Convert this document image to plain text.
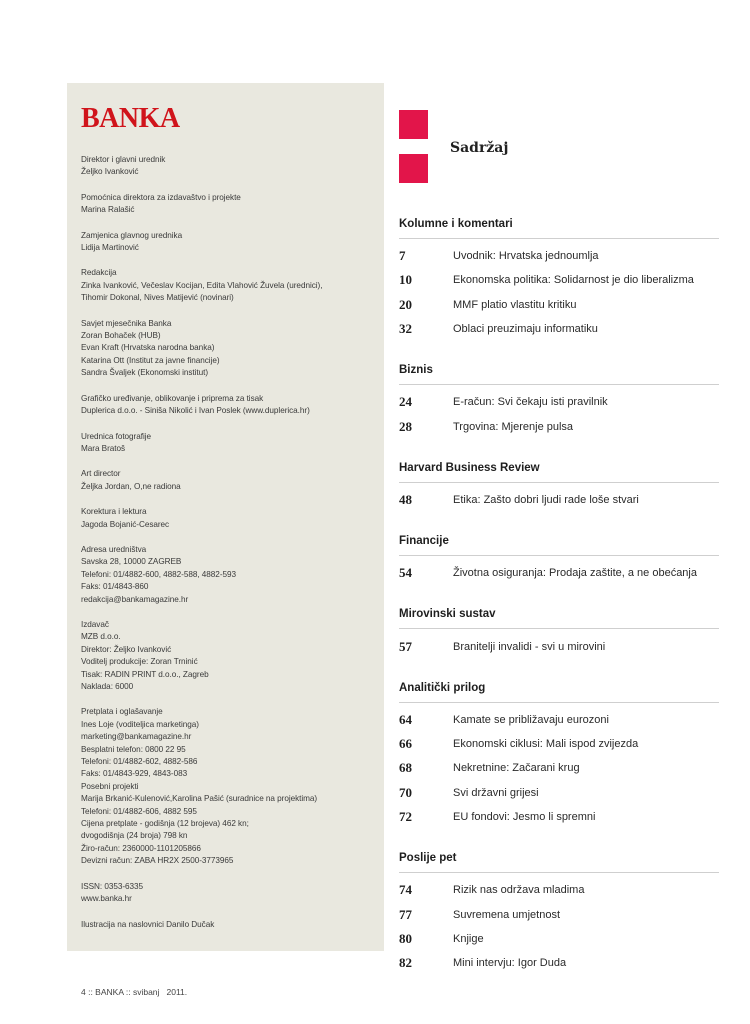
BANKA
Direktor i glavni urednik
Željko Ivanković
Pomoćnica direktora za izdavaštvo i projekte
Marina Ralašić
Zamjenica glavnog urednika
Lidija Martinović
Redakcija
Zinka Ivanković, Večeslav Kocijan, Edita Vlahović Žuvela (urednici),
Tihomir Dokonal, Nives Matijević (novinari)
Savjet mjesečnika Banka
Zoran Bohaček (HUB)
Evan Kraft (Hrvatska narodna banka)
Katarina Ott (Institut za javne financije)
Sandra Švaljek (Ekonomski institut)
Grafičko uređivanje, oblikovanje i priprema za tisak
Duplerica d.o.o. - Siniša Nikolić i Ivan Poslek (www.duplerica.hr)
Urednica fotografije
Mara Bratoš
Art director
Željka Jordan, O,ne radiona
Korektura i lektura
Jagoda Bojanić-Cesarec
Adresa uredništva
Savska 28, 10000 ZAGREB
Telefoni: 01/4882-600, 4882-588, 4882-593
Faks: 01/4843-860
redakcija@bankamagazine.hr
Izdavač
MZB d.o.o.
Direktor: Željko Ivanković
Voditelj produkcije: Zoran Trninić
Tisak: RADIN PRINT d.o.o., Zagreb
Naklada: 6000
Pretplata i oglašavanje
Ines Loje (voditeljica marketinga)
marketing@bankamagazine.hr
Besplatni telefon: 0800 22 95
Telefoni: 01/4882-602, 4882-586
Faks: 01/4843-929, 4843-083
Posebni projekti
Marija Brkanić-Kulenović,Karolina Pašić (suradnice na projektima)
Telefoni: 01/4882-606, 4882 595
Cijena pretplate - godišnja (12 brojeva) 462 kn;
dvogodišnja (24 broja) 798 kn
Žiro-račun: 2360000-1101205866
Devizni račun: ZABA HR2X 2500-3773965
ISSN: 0353-6335
www.banka.hr
Ilustracija na naslovnici Danilo Dučak
Sadržaj
Kolumne i komentari
7	Uvodnik: Hrvatska jednoumlja
10	Ekonomska politika: Solidarnost je dio liberalizma
20	MMF platio vlastitu kritiku
32	Oblaci preuzimaju informatiku
Biznis
24	E-račun: Svi čekaju isti pravilnik
28	Trgovina: Mjerenje pulsa
Harvard Business Review
48	Etika: Zašto dobri ljudi rade loše stvari
Financije
54	Životna osiguranja: Prodaja zaštite, a ne obećanja
Mirovinski sustav
57	Branitelji invalidi - svi u mirovini
Analitički prilog
64	Kamate se približavaju eurozoni
66	Ekonomski ciklusi: Mali ispod zvijezda
68	Nekretnine: Začarani krug
70	Svi državni grijesi
72	EU fondovi: Jesmo li spremni
Poslije pet
74	Rizik nas održava mladima
77	Suvremena umjetnost
80	Knjige
82	Mini intervju: Igor Duda
4 :: BANKA :: svibanj   2011.
